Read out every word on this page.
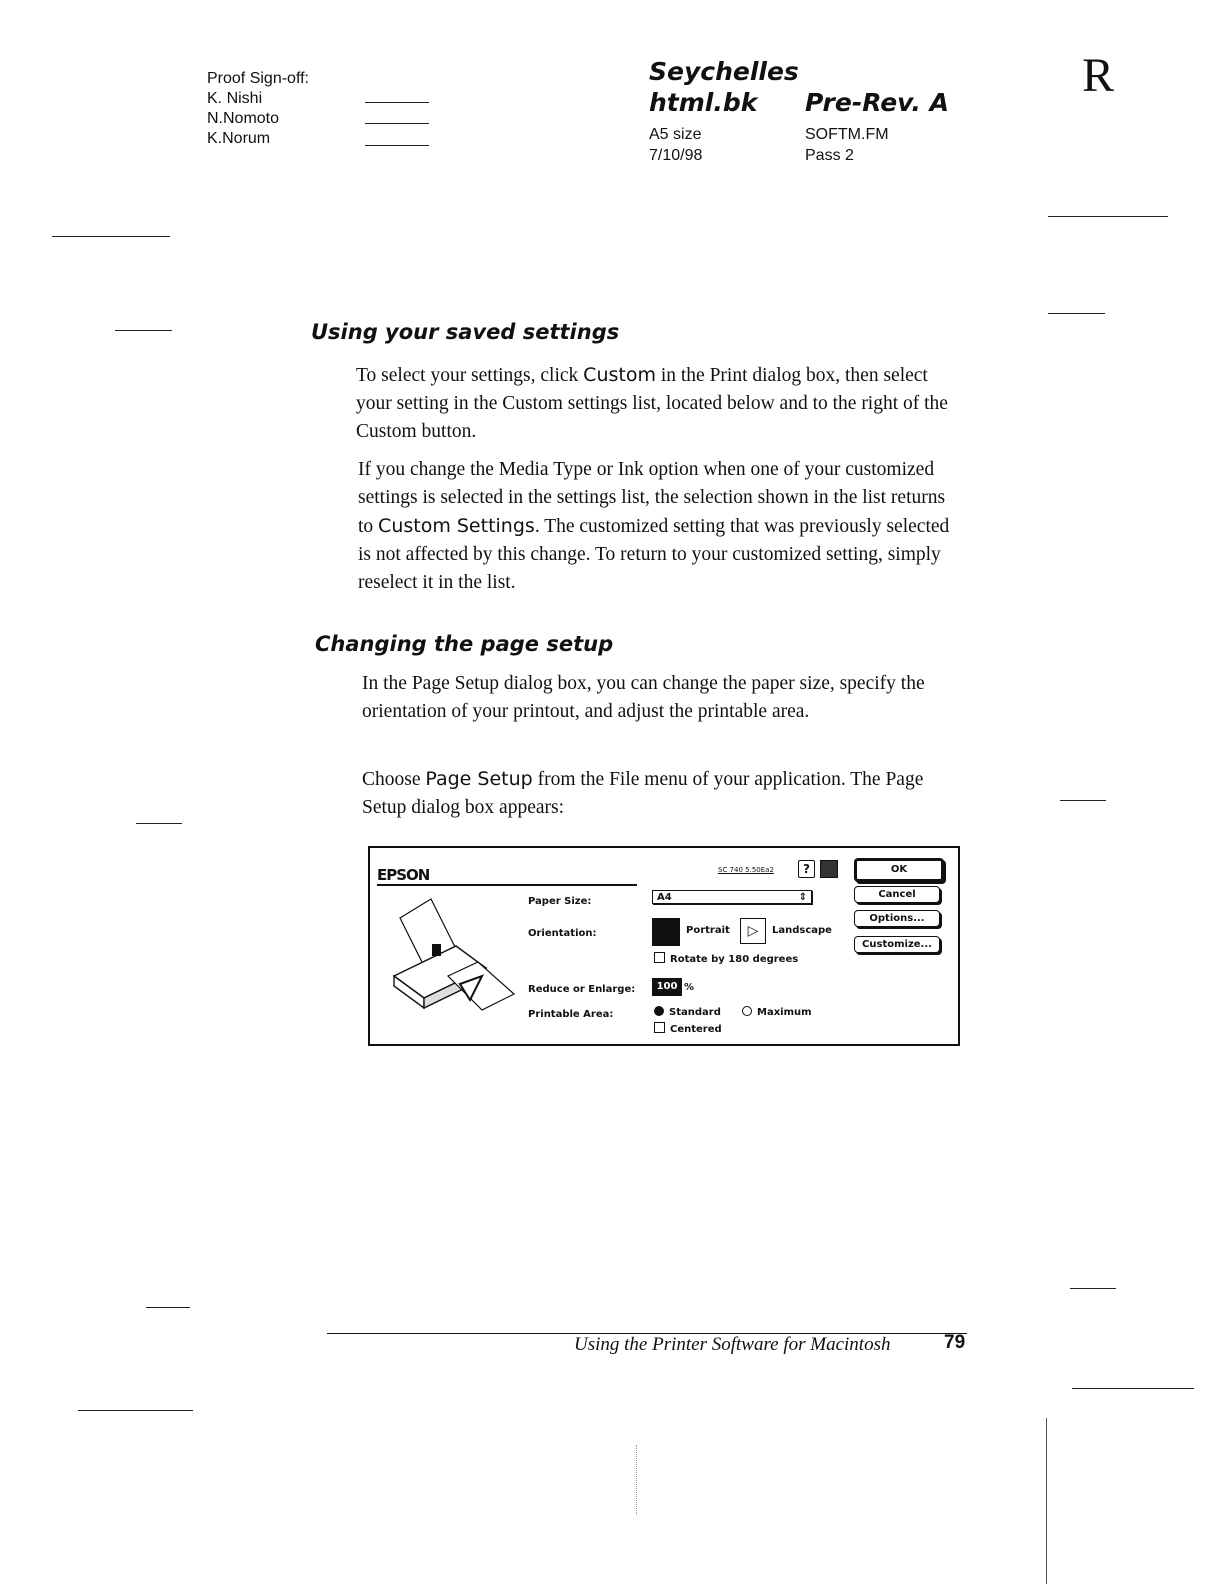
Proof Sign-off:
K. Nishi
N.Nomoto
K.Norum
Seychelles
html.bk Pre-Rev. A
A5 size
7/10/98
SOFTM.FM
Pass 2
R
Using your saved settings
To select your settings, click Custom in the Print dialog box, then select your setting in the Custom settings list, located below and to the right of the Custom button.
If you change the Media Type or Ink option when one of your customized settings is selected in the settings list, the selection shown in the list returns to Custom Settings. The customized setting that was previously selected is not affected by this change. To return to your customized setting, simply reselect it in the list.
Changing the page setup
In the Page Setup dialog box, you can change the paper size, specify the orientation of your printout, and adjust the printable area.
Choose Page Setup from the File menu of your application. The Page Setup dialog box appears:
EPSON	SC 740 5.50Ea2	?
Paper Size:	A4	⇕
Orientation:	Portrait	▷	Landscape
Rotate by 180 degrees
Reduce or Enlarge:	100 %
Printable Area:	Standard	Maximum
Centered
OK
Cancel
Options...
Customize...
Using the Printer Software for Macintosh	79
